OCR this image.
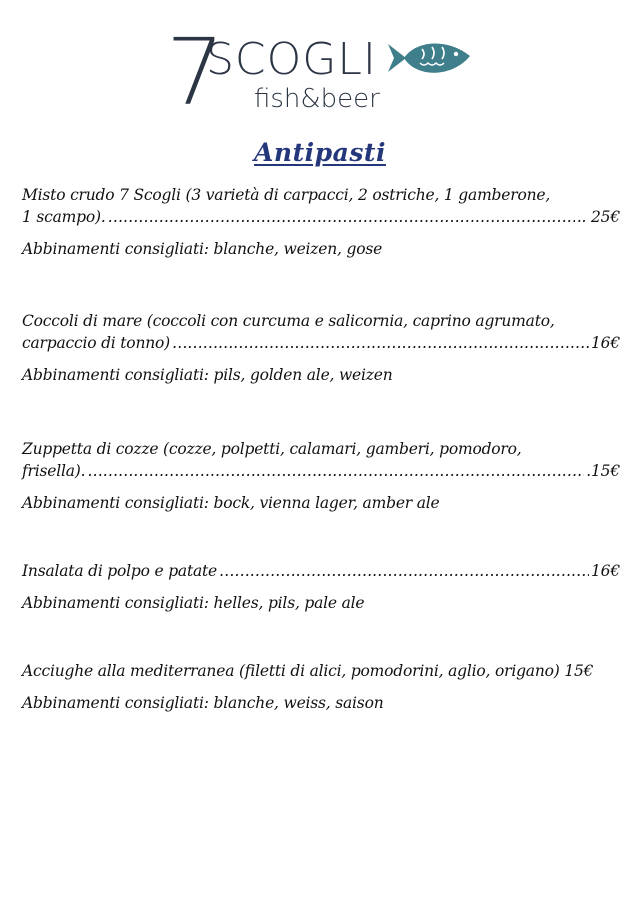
7
SCOGLI
fish&beer
Antipasti

Misto crudo 7 Scogli (3 varietà di carpacci, 2 ostriche, 1 gamberone,

1 scampo). ……………………………………………………………………………………………………………………	.. 25€
Abbinamenti consigliati: blanche, weizen, gose

Coccoli di mare (coccoli con curcuma e salicornia, caprino agrumato,

carpaccio di tonno) ……………………………………………………………………………………………………………………	16€
Abbinamenti consigliati: pils, golden ale, weizen

Zuppetta di cozze (cozze, polpetti, calamari, gamberi, pomodoro,

frisella). ……………………………………………………………………………………………………………………	.15€
Abbinamenti consigliati: bock, vienna lager, amber ale
Insalata di polpo e patate ……………………………………………………………………………………………………………………	16€
Abbinamenti consigliati: helles, pils, pale ale

Acciughe alla mediterranea (filetti di alici, pomodorini, aglio, origano) 15€

Abbinamenti consigliati: blanche, weiss, saison
